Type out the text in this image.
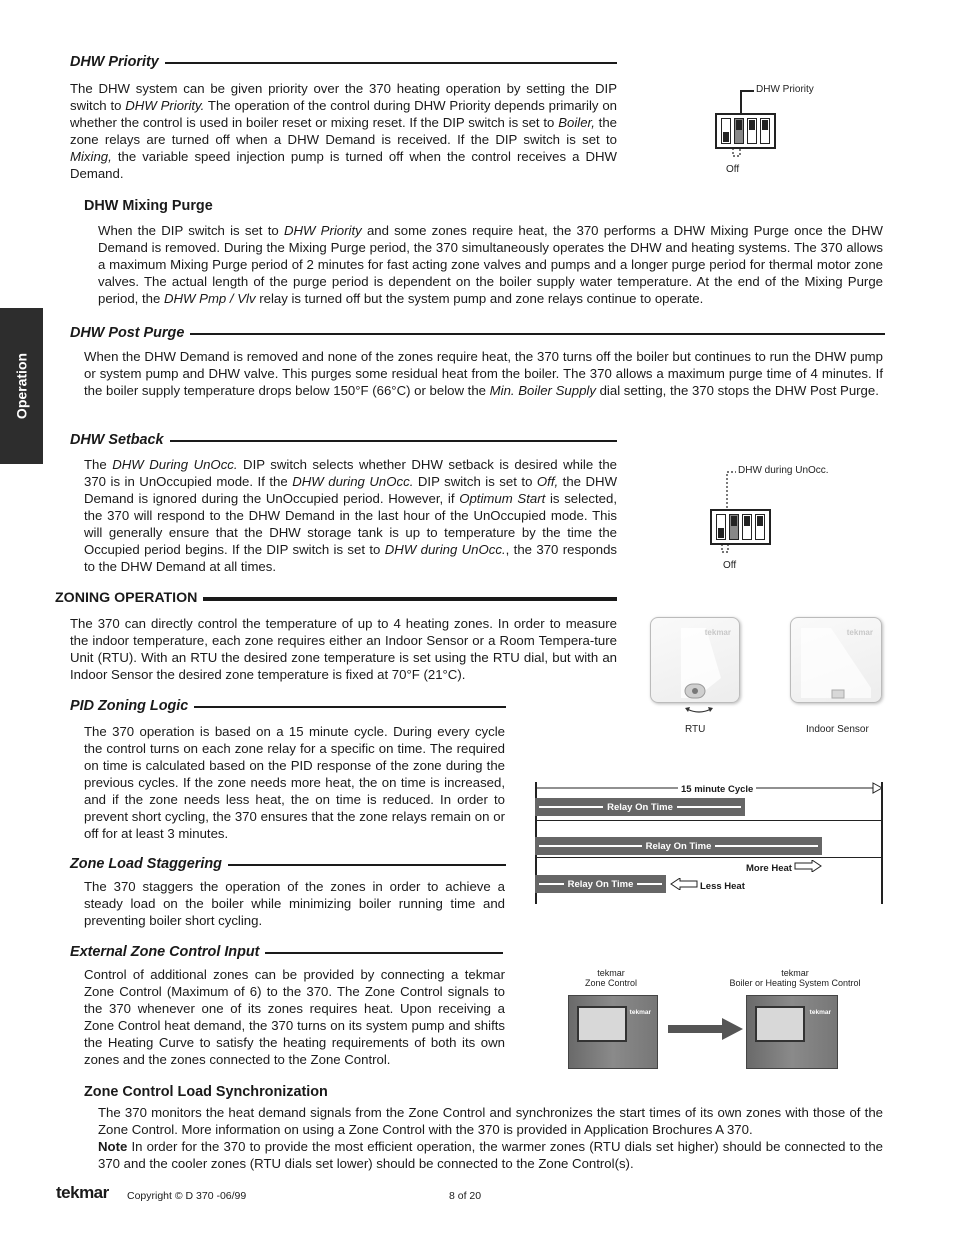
Operation
DHW Priority
The DHW system can be given priority over the 370 heating operation by setting the DIP switch to DHW Priority. The operation of the control during DHW Priority depends primarily on whether the control is used in boiler reset or mixing reset. If the DIP switch is set to Boiler, the zone relays are turned off when a DHW Demand is received. If the DIP switch is set to Mixing, the variable speed injection pump is turned off when the control receives a DHW Demand.
DHW Priority
Off
DHW Mixing Purge
When the DIP switch is set to DHW Priority and some zones require heat, the 370 performs a DHW Mixing Purge once the DHW Demand is removed. During the Mixing Purge period, the 370 simultaneously operates the DHW and heating systems. The 370 allows a maximum Mixing Purge period of 2 minutes for fast acting zone valves and pumps and a longer purge period for thermal motor zone valves. The actual length of the purge period is dependent on the boiler supply water temperature. At the end of the Mixing Purge period, the DHW Pmp / Vlv relay is turned off but the system pump and zone relays continue to operate.
DHW Post Purge
When the DHW Demand is removed and none of the zones require heat, the 370 turns off the boiler but continues to run the DHW pump or system pump and DHW valve. This purges some residual heat from the boiler. The 370 allows a maximum purge time of 4 minutes. If the boiler supply temperature drops below 150°F (66°C) or below the Min. Boiler Supply dial setting, the 370 stops the DHW Post Purge.
DHW Setback
The DHW During UnOcc. DIP switch selects whether DHW setback is desired while the 370 is in UnOccupied mode. If the DHW during UnOcc. DIP switch is set to Off, the DHW Demand is ignored during the UnOccupied period. However, if Optimum Start is selected, the 370 will respond to the DHW Demand in the last hour of the UnOccupied mode. This will generally ensure that the DHW storage tank is up to temperature by the time the Occupied period begins. If the DIP switch is set to DHW during UnOcc., the 370 responds to the DHW Demand at all times.
DHW during UnOcc.
Off
ZONING OPERATION
The 370 can directly control the temperature of up to 4 heating zones. In order to measure the indoor temperature, each zone requires either an Indoor Sensor or a Room Tempera-ture Unit (RTU). With an RTU the desired zone temperature is set using the RTU dial, but with an Indoor Sensor the desired zone temperature is fixed at 70°F (21°C).
tekmar
RTU
tekmar
Indoor Sensor
PID Zoning Logic
The 370 operation is based on a 15 minute cycle. During every cycle the control turns on each zone relay for a specific on time. The required on time is calculated based on the PID response of the zone during the previous cycles. If the zone needs more heat, the on time is increased, and if the zone needs less heat, the on time is reduced. In order to prevent short cycling, the 370 ensures that the zone relays remain on or off for at least 3 minutes.
15 minute Cycle
Relay On Time
Relay On Time
More Heat
Relay On Time	Less Heat
Zone Load Staggering
The 370 staggers the operation of the zones in order to achieve a steady load on the boiler while minimizing boiler running time and preventing boiler short cycling.
External Zone Control Input
Control of additional zones can be provided by connecting a tekmar Zone Control (Maximum of 6) to the 370. The Zone Control signals to the 370 whenever one of its zones requires heat. Upon receiving a Zone Control heat demand, the 370 turns on its system pump and shifts the Heating Curve to satisfy the heating requirements of both its own zones and the zones connected to the Zone Control.
tekmar
Zone Control
tekmar
tekmar
Boiler or Heating System Control
tekmar
Zone Control Load Synchronization
The 370 monitors the heat demand signals from the Zone Control and synchronizes the start times of its own zones with those of the Zone Control. More information on using a Zone Control with the 370 is provided in Application Brochures A 370.
Note In order for the 370 to provide the most efficient operation, the warmer zones (RTU dials set higher) should be connected to the 370 and the cooler zones (RTU dials set lower) should be connected to the Zone Control(s).
tekmar Copyright © D 370 -06/99	8 of 20
